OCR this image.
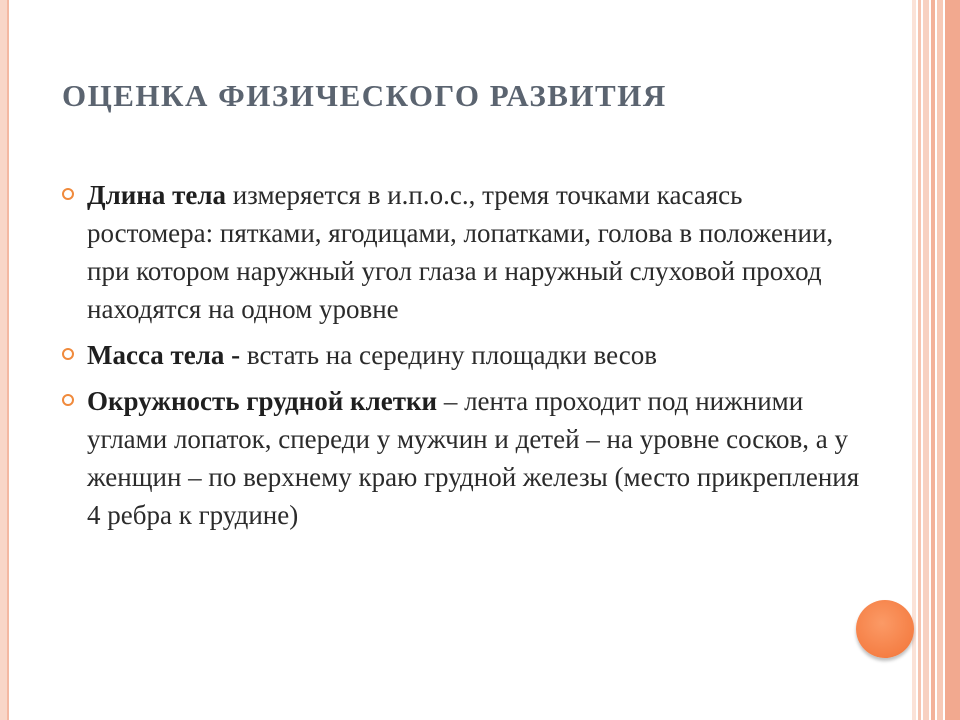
ОЦЕНКА ФИЗИЧЕСКОГО РАЗВИТИЯ
Длина тела измеряется в и.п.о.с., тремя точками касаясь ростомера: пятками, ягодицами, лопатками, голова в положении, при котором наружный угол глаза и наружный слуховой проход находятся на одном уровне
Масса тела - встать на середину площадки весов
Окружность грудной клетки – лента проходит под нижними углами лопаток, спереди у мужчин и детей – на уровне сосков, а у женщин – по верхнему краю грудной железы (место прикрепления 4 ребра к грудине)
